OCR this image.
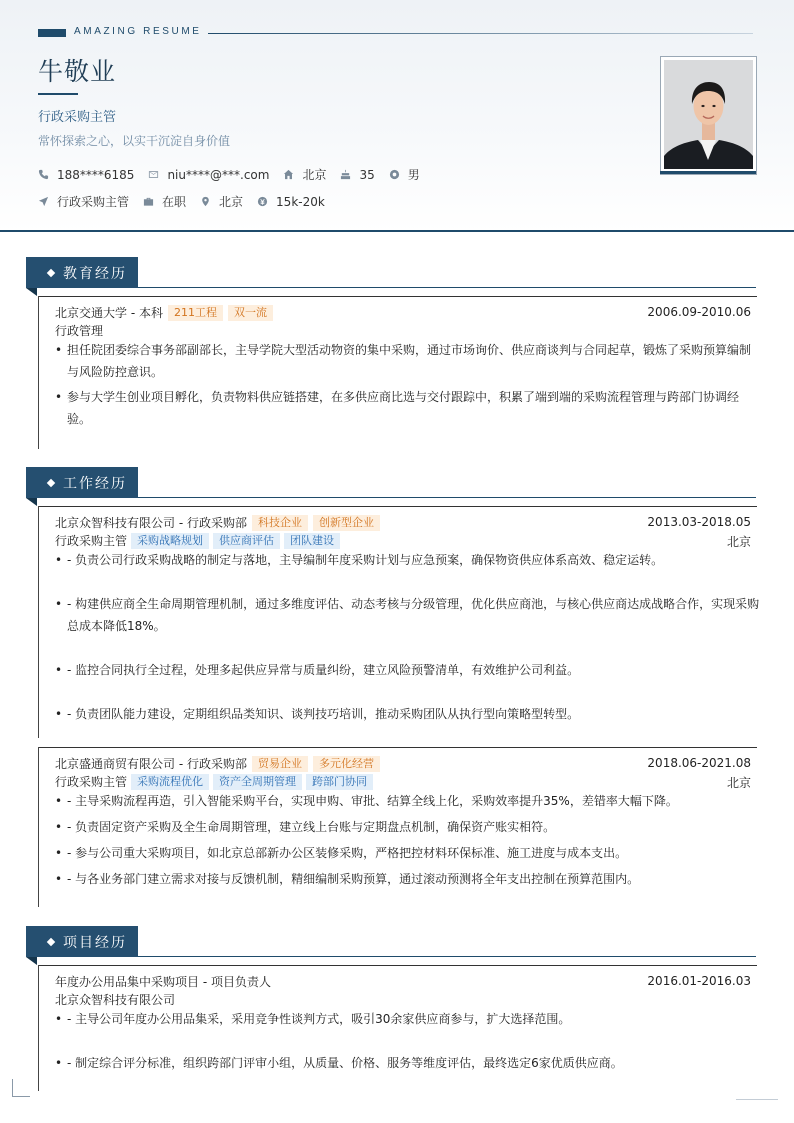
AMAZING RESUME
牛敬业
行政采购主管
常怀探索之心，以实干沉淀自身价值
188****6185	niu****@***.com	北京	35	男
行政采购主管	在职	北京	15k-20k
教育经历
北京交通大学 - 本科	211工程	双一流	2006.09-2010.06
行政管理
• 担任院团委综合事务部副部长，主导学院大型活动物资的集中采购，通过市场询价、供应商谈判与合同起草，锻炼了采购预算编制与风险防控意识。
• 参与大学生创业项目孵化，负责物料供应链搭建，在多供应商比选与交付跟踪中，积累了端到端的采购流程管理与跨部门协调经验。
工作经历
北京众智科技有限公司 - 行政采购部	科技企业	创新型企业	2013.03-2018.05
行政采购主管 采购战略规划	供应商评估	团队建设	北京
• - 负责公司行政采购战略的制定与落地，主导编制年度采购计划与应急预案，确保物资供应体系高效、稳定运转。
• - 构建供应商全生命周期管理机制，通过多维度评估、动态考核与分级管理，优化供应商池，与核心供应商达成战略合作，实现采购总成本降低18%。
• - 监控合同执行全过程，处理多起供应异常与质量纠纷，建立风险预警清单，有效维护公司利益。
• - 负责团队能力建设，定期组织品类知识、谈判技巧培训，推动采购团队从执行型向策略型转型。
北京盛通商贸有限公司 - 行政采购部	贸易企业	多元化经营	2018.06-2021.08
行政采购主管 采购流程优化	资产全周期管理	跨部门协同	北京
• - 主导采购流程再造，引入智能采购平台，实现申购、审批、结算全线上化，采购效率提升35%，差错率大幅下降。
• - 负责固定资产采购及全生命周期管理，建立线上台账与定期盘点机制，确保资产账实相符。
• - 参与公司重大采购项目，如北京总部新办公区装修采购，严格把控材料环保标准、施工进度与成本支出。
• - 与各业务部门建立需求对接与反馈机制，精细编制采购预算，通过滚动预测将全年支出控制在预算范围内。
项目经历
年度办公用品集中采购项目 - 项目负责人	2016.01-2016.03
北京众智科技有限公司
• - 主导公司年度办公用品集采，采用竞争性谈判方式，吸引30余家供应商参与，扩大选择范围。
• - 制定综合评分标准，组织跨部门评审小组，从质量、价格、服务等维度评估，最终选定6家优质供应商。
